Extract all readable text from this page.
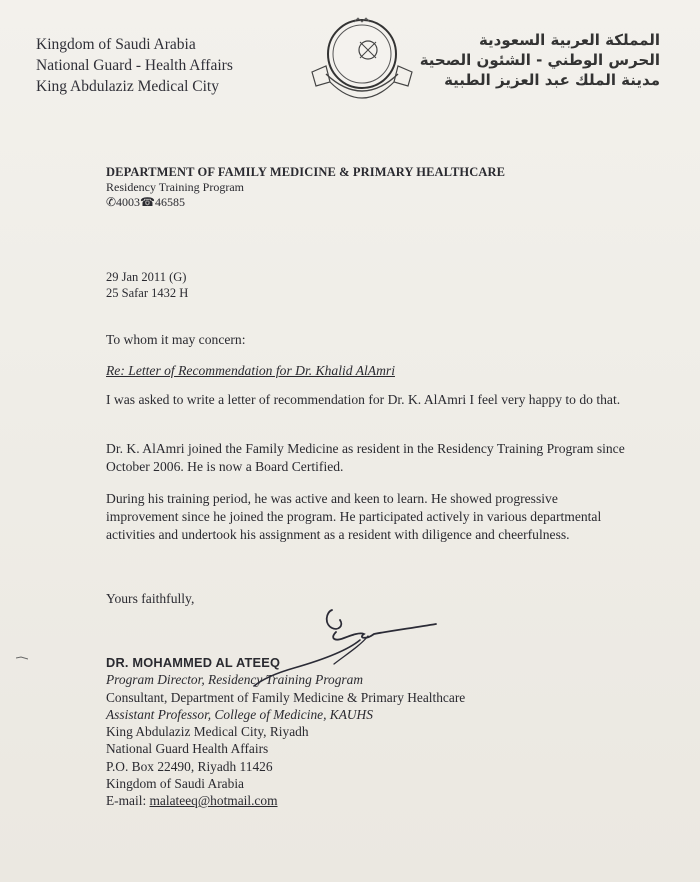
Kingdom of Saudi Arabia
National Guard - Health Affairs
King Abdulaziz Medical City
المملكة العربية السعودية
الحرس الوطني - الشئون الصحية
مدينة الملك عبد العزيز الطبية
DEPARTMENT OF FAMILY MEDICINE & PRIMARY HEALTHCARE
Residency Training Program
✆4003☎46585
29 Jan 2011 (G)
25 Safar 1432 H
To whom it may concern:
Re: Letter of Recommendation for Dr. Khalid AlAmri
I was asked to write a letter of recommendation for Dr. K. AlAmri I feel very happy to do that.
Dr. K. AlAmri joined the Family Medicine as resident in the Residency Training Program since October 2006. He is now a Board Certified.
During his training period, he was active and keen to learn. He showed progressive improvement since he joined the program. He participated actively in various departmental activities and undertook his assignment as a resident with diligence and cheerfulness.
Yours faithfully,
DR. MOHAMMED AL ATEEQ
Program Director, Residency Training Program
Consultant, Department of Family Medicine & Primary Healthcare
Assistant Professor, College of Medicine, KAUHS
King Abdulaziz Medical City, Riyadh
National Guard Health Affairs
P.O. Box 22490, Riyadh 11426
Kingdom of Saudi Arabia
E-mail: malateeq@hotmail.com
